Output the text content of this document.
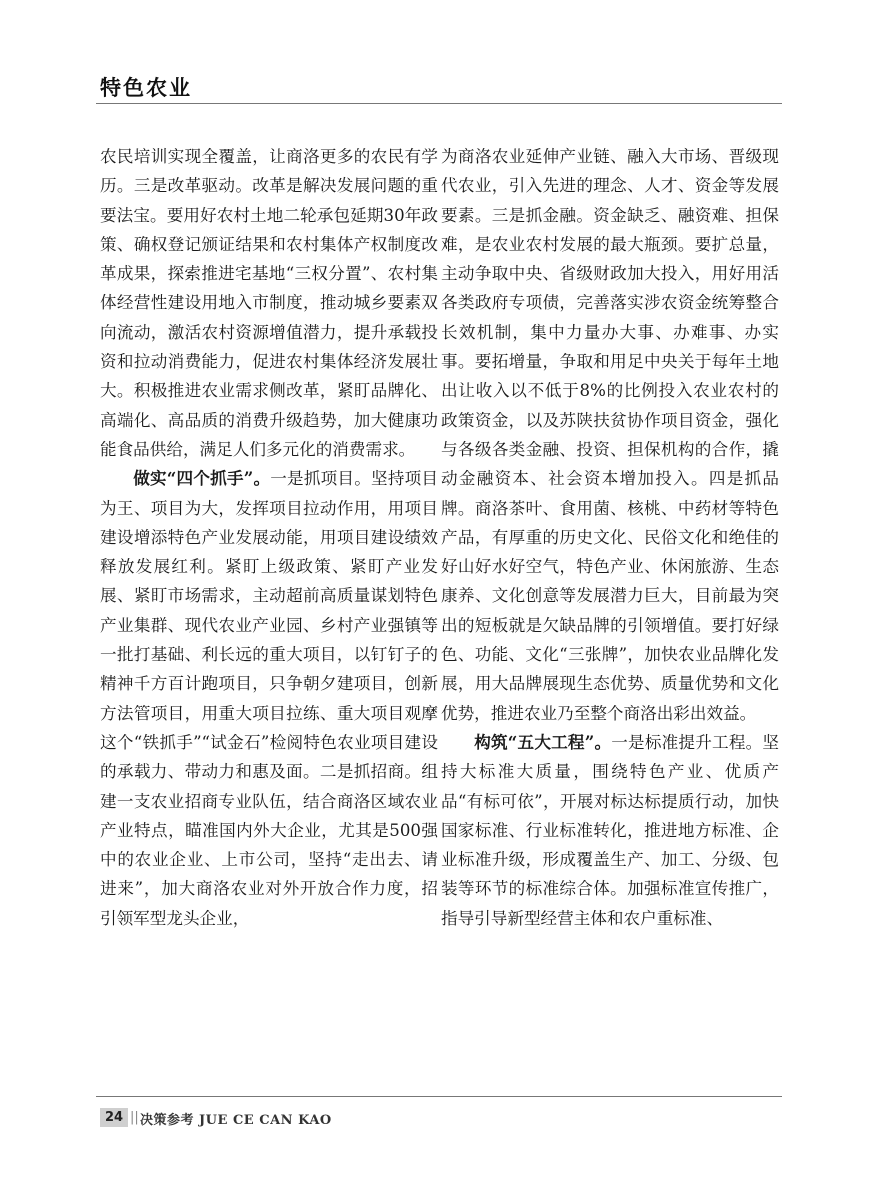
特色农业

农民培训实现全覆盖，让商洛更多的农民有学历。三是改革驱动。改革是解决发展问题的重要法宝。要用好农村土地二轮承包延期30年政策、确权登记颁证结果和农村集体产权制度改革成果，探索推进宅基地“三权分置”、农村集体经营性建设用地入市制度，推动城乡要素双向流动，激活农村资源增值潜力，提升承载投资和拉动消费能力，促进农村集体经济发展壮大。积极推进农业需求侧改革，紧盯品牌化、高端化、高品质的消费升级趋势，加大健康功能食品供给，满足人们多元化的消费需求。

做实“四个抓手”。一是抓项目。坚持项目为王、项目为大，发挥项目拉动作用，用项目建设增添特色产业发展动能，用项目建设绩效释放发展红利。紧盯上级政策、紧盯产业发展、紧盯市场需求，主动超前高质量谋划特色产业集群、现代农业产业园、乡村产业强镇等一批打基础、利长远的重大项目，以钉钉子的精神千方百计跑项目，只争朝夕建项目，创新方法管项目，用重大项目拉练、重大项目观摩这个“铁抓手”“试金石”检阅特色农业项目建设的承载力、带动力和惠及面。二是抓招商。组建一支农业招商专业队伍，结合商洛区域农业产业特点，瞄准国内外大企业，尤其是500强中的农业企业、上市公司，坚持“走出去、请进来”，加大商洛农业对外开放合作力度，招引领军型龙头企业，

为商洛农业延伸产业链、融入大市场、晋级现代农业，引入先进的理念、人才、资金等发展要素。三是抓金融。资金缺乏、融资难、担保难，是农业农村发展的最大瓶颈。要扩总量，主动争取中央、省级财政加大投入，用好用活各类政府专项债，完善落实涉农资金统筹整合长效机制，集中力量办大事、办难事、办实事。要拓增量，争取和用足中央关于每年土地出让收入以不低于8%的比例投入农业农村的政策资金，以及苏陕扶贫协作项目资金，强化与各级各类金融、投资、担保机构的合作，撬动金融资本、社会资本增加投入。四是抓品牌。商洛茶叶、食用菌、核桃、中药材等特色产品，有厚重的历史文化、民俗文化和绝佳的好山好水好空气，特色产业、休闲旅游、生态康养、文化创意等发展潜力巨大，目前最为突出的短板就是欠缺品牌的引领增值。要打好绿色、功能、文化“三张牌”，加快农业品牌化发展，用大品牌展现生态优势、质量优势和文化优势，推进农业乃至整个商洛出彩出效益。

构筑“五大工程”。一是标准提升工程。坚持大标准大质量，围绕特色产业、优质产品“有标可依”，开展对标达标提质行动，加快国家标准、行业标准转化，推进地方标准、企业标准升级，形成覆盖生产、加工、分级、包装等环节的标准综合体。加强标准宣传推广，指导引导新型经营主体和农户重标准、

24 || 决策参考 JUE CE CAN KAO
